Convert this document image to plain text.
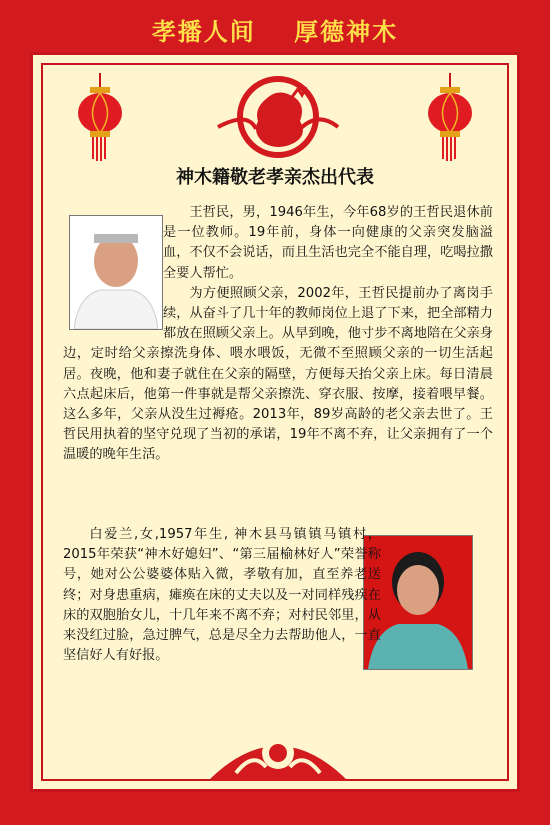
孝播人间 厚德神木
神木籍敬老孝亲杰出代表

王哲民，男，1946年生，今年68岁的王哲民退休前是一位教师。19年前，身体一向健康的父亲突发脑溢血，不仅不会说话，而且生活也完全不能自理，吃喝拉撒全要人帮忙。

为方便照顾父亲，2002年，王哲民提前办了离岗手续，从奋斗了几十年的教师岗位上退了下来，把全部精力都放在照顾父亲上。从早到晚，他寸步不离地陪在父亲身边，定时给父亲擦洗身体、喂水喂饭，无微不至照顾父亲的一切生活起居。夜晚，他和妻子就住在父亲的隔壁，方便每天抬父亲上床。每日清晨六点起床后，他第一件事就是帮父亲擦洗、穿衣服、按摩，接着喂早餐。这么多年，父亲从没生过褥疮。2013年，89岁高龄的老父亲去世了。王哲民用执着的坚守兑现了当初的承诺，19年不离不弃，让父亲拥有了一个温暖的晚年生活。

白爱兰,女,1957年生, 神木县马镇镇马镇村，2015年荣获“神木好媳妇”、“第三届榆林好人”荣誉称号，她对公公婆婆体贴入微，孝敬有加，直至养老送终；对身患重病，瘫痪在床的丈夫以及一对同样残疾在床的双胞胎女儿，十几年来不离不弃；对村民邻里，从来没红过脸，急过脾气，总是尽全力去帮助他人，一直坚信好人有好报。
